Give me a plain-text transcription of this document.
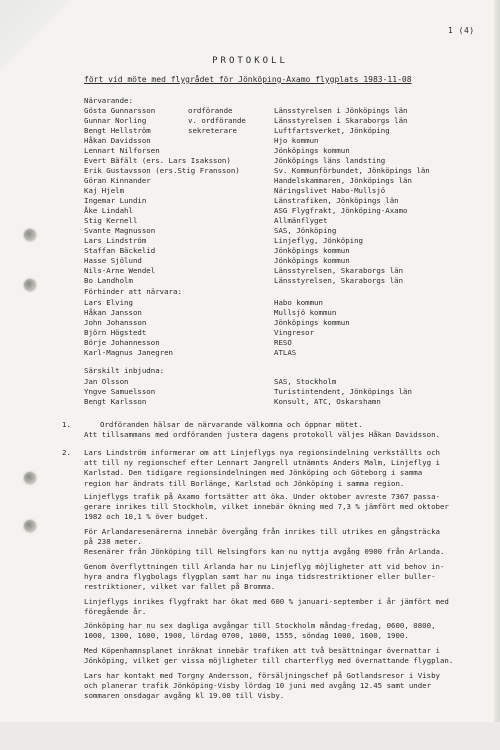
1 (4)
PROTOKOLL
fört vid möte med flygrådet för Jönköping-Axamo flygplats 1983-11-08
Närvarande:
Gösta Gunnarsson	ordförande	Länsstyrelsen i Jönköpings län
Gunnar Norling	v. ordförande	Länsstyrelsen i Skaraborgs län
Bengt Hellström	sekreterare	Luftfartsverket, Jönköping
Håkan Davidsson	Hjo kommun
Lennart Nilforsen	Jönköpings kommun
Evert Bäfält (ers. Lars Isaksson)	Jönköpings läns landsting
Erik Gustavsson (ers.Stig Fransson)	Sv. Kommunförbundet, Jönköpings län
Göran Kinnander	Handelskammaren, Jönköpings län
Kaj Hjelm	Näringslivet Habo-Mullsjö
Ingemar Lundin	Länstrafiken, Jönköpings län
Åke Lindahl	ASG Flygfrakt, Jönköping-Axamo
Stig Kernell	Allmänflyget
Svante Magnusson	SAS, Jönköping
Lars Lindström	Linjeflyg, Jönköping
Staffan Bäckelid	Jönköpings kommun
Hasse Sjölund	Jönköpings kommun
Nils-Arne Wendel	Länsstyrelsen, Skaraborgs län
Bo Landholm	Länsstyrelsen, Skaraborgs län
Förhinder att närvara:
Lars Elving	Habo kommun
Håkan Jansson	Mullsjö kommun
John Johansson	Jönköpings kommun
Björn Högstedt	Vingresor
Börje Johannesson	RESO
Karl-Magnus Janegren	ATLAS
Särskilt inbjudna:
Jan Olsson	SAS, Stockholm
Yngve Samuelsson	Turistintendent, Jönköpings län
Bengt Karlsson	Konsult, ATC, Oskarshamn
1.	Ordföranden hälsar de närvarande välkomna och öppnar mötet.
Att tillsammans med ordföranden justera dagens protokoll väljes Håkan Davidsson.
2. Lars Lindström informerar om att Linjeflygs nya regionsindelning verkställts och
att till ny regionschef efter Lennart Jangrell utnämnts Anders Malm, Linjeflyg i
Karlstad. Den tidigare regionsindelningen med Jönköping och Göteborg i samma
region har ändrats till Borlänge, Karlstad och Jönköping i samma region.
Linjeflygs trafik på Axamo fortsätter att öka. Under oktober avreste 7367 passa-
gerare inrikes till Stockholm, vilket innebär ökning med 7,3 % jämfört med oktober
1982 och 10,1 % över budget.
För Arlandaresenärerna innebär övergång från inrikes till utrikes en gångsträcka
på 238 meter.
Resenärer från Jönköping till Helsingfors kan nu nyttja avgång 0900 från Arlanda.
Genom överflyttningen till Arlanda har nu Linjeflyg möjligheter att vid behov in-
hyra andra flygbolags flygplan samt har nu inga tidsrestriktioner eller buller-
restriktioner, vilket var fallet på Bromma.
Linjeflygs inrikes flygfrakt har ökat med 600 % januari-september i år jämfört med
föregående år.
Jönköping har nu sex dagliga avgångar till Stockholm måndag-fredag, 0600, 0800,
1000, 1300, 1600, 1900, lördag 0700, 1000, 1555, söndag 1000, 1600, 1900.
Med Köpenhamnsplanet inräknat innebär trafiken att två besättningar övernattar i
Jönköping, vilket ger vissa möjligheter till charterflyg med övernattande flygplan.
Lars har kontakt med Torgny Andersson, försäljningschef på Gotlandsresor i Visby
och planerar trafik Jönköping-Visby lördag 10 juni med avgång 12.45 samt under
sommaren onsdagar avgång kl 19.00 till Visby.
